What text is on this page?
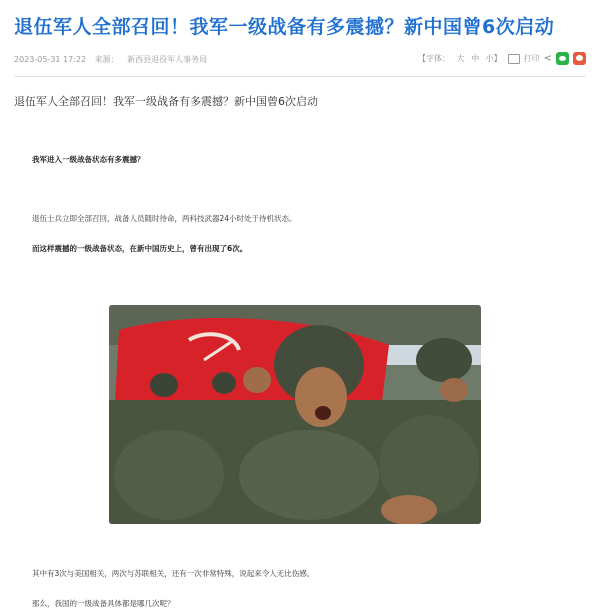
退伍军人全部召回！我军一级战备有多震撼？新中国曾6次启动
2023-05-31 17:22 来源： 新西县退役军人事务局	【字体： 大 中 小】	打印 <
退伍军人全部召回！我军一级战备有多震撼？新中国曾6次启动
我军进入一级战备状态有多震撼？
退伍士兵立即全部召回，战备人员随时待命，两科技武器24小时处于待机状态。
而这样震撼的一级战备状态，在新中国历史上，曾有出现了6次。
其中有3次与美国相关，两次与苏联相关，还有一次非常特殊，说起来令人无比伤感。
那么，我国的一级战备具体都是哪几次呢？
